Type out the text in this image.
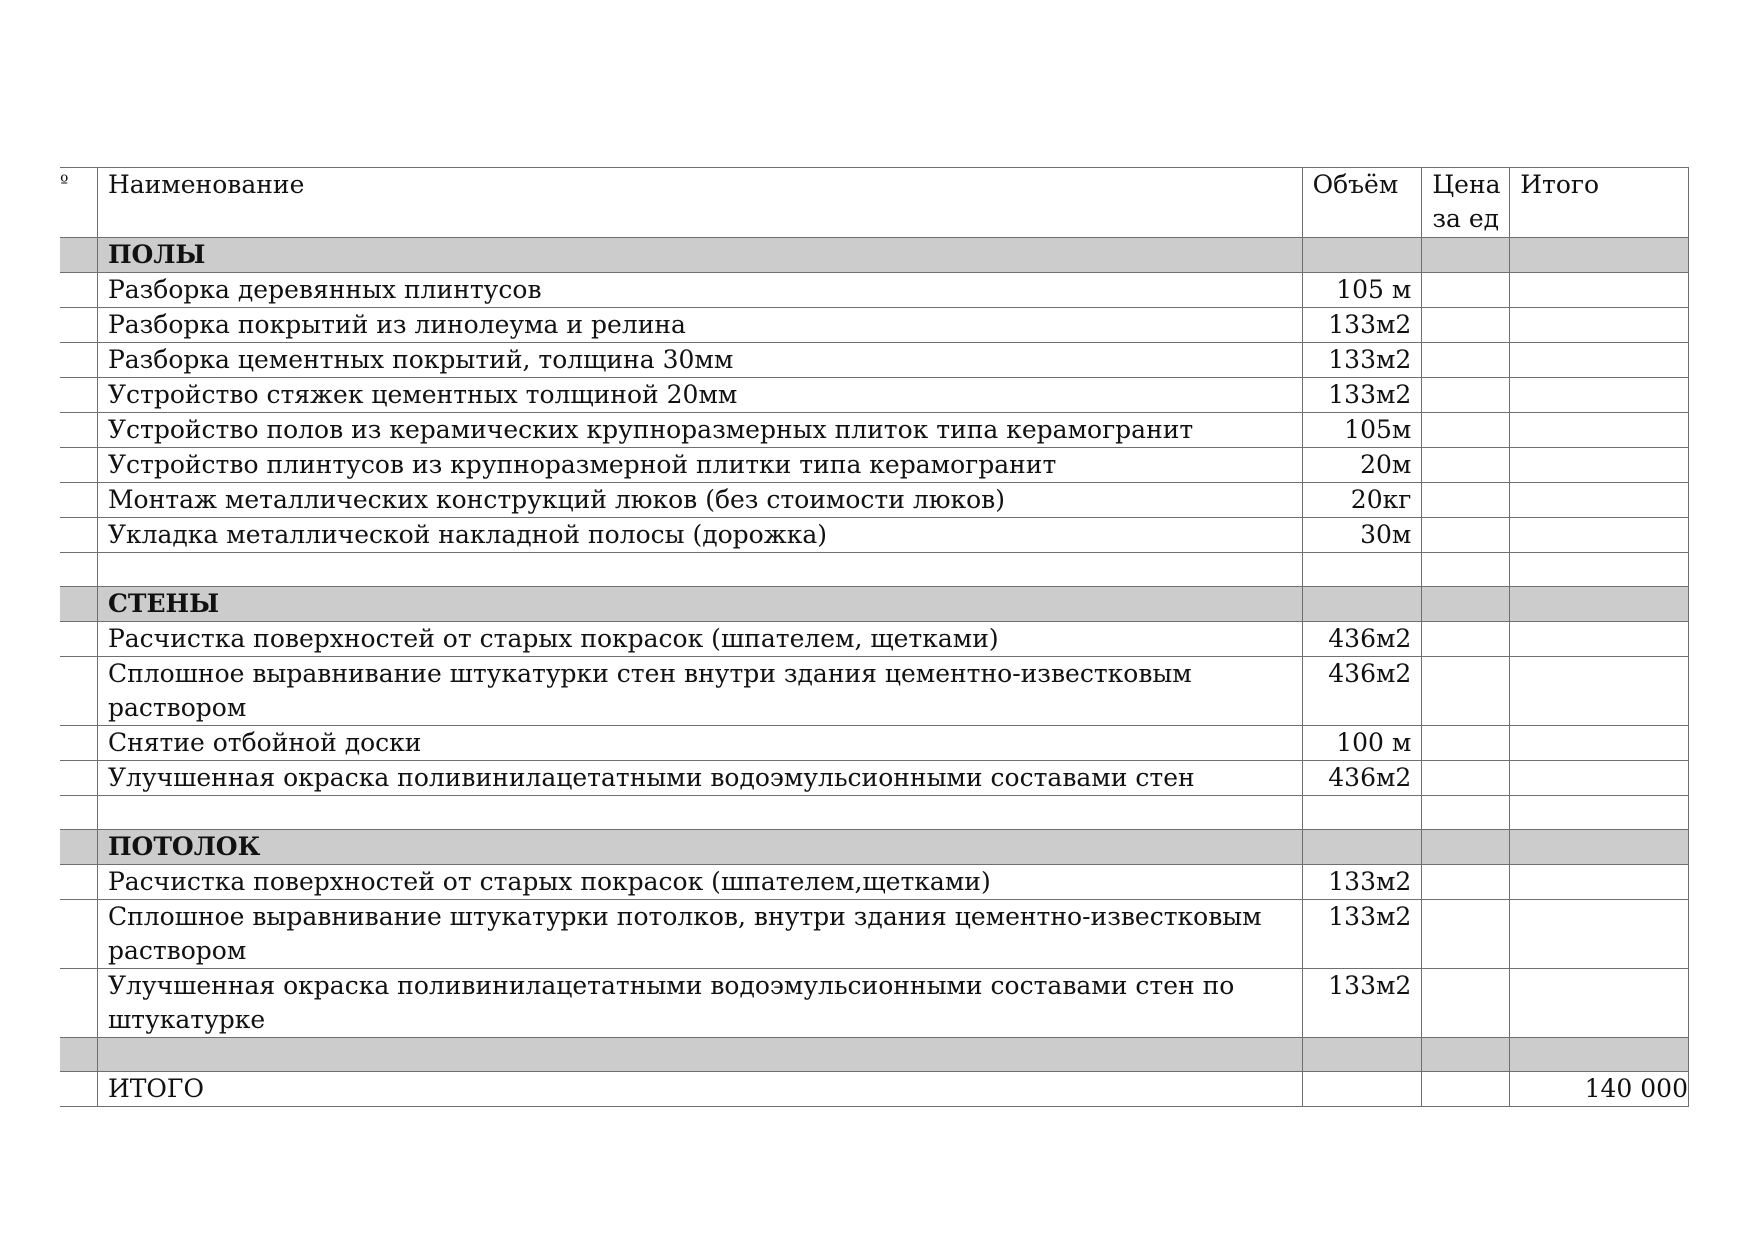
º	Наименование	Объём	Цена за ед	Итого
	ПОЛЫ			
	Разборка деревянных плинтусов	105 м		
	Разборка покрытий из линолеума и релина	133м2		
	Разборка цементных покрытий, толщина 30мм	133м2		
	Устройство стяжек цементных толщиной 20мм	133м2		
	Устройство полов из керамических крупноразмерных плиток типа керамогранит	105м		
	Устройство плинтусов из крупноразмерной плитки типа керамогранит	20м		
	Монтаж металлических конструкций люков (без стоимости люков)	20кг		
	Укладка металлической накладной полосы (дорожка)	30м		

	СТЕНЫ			
	Расчистка поверхностей от старых покрасок (шпателем, щетками)	436м2		
	Сплошное выравнивание штукатурки стен внутри здания цементно-известковым раствором	436м2		
	Снятие отбойной доски	100 м		
	Улучшенная окраска поливинилацетатными водоэмульсионными составами стен	436м2		

	ПОТОЛОК			
	Расчистка поверхностей от старых покрасок (шпателем,щетками)	133м2		
	Сплошное выравнивание штукатурки потолков, внутри здания цементно-известковым раствором	133м2		
	Улучшенная окраска поливинилацетатными водоэмульсионными составами стен по штукатурке	133м2		

	ИТОГО			140 000
